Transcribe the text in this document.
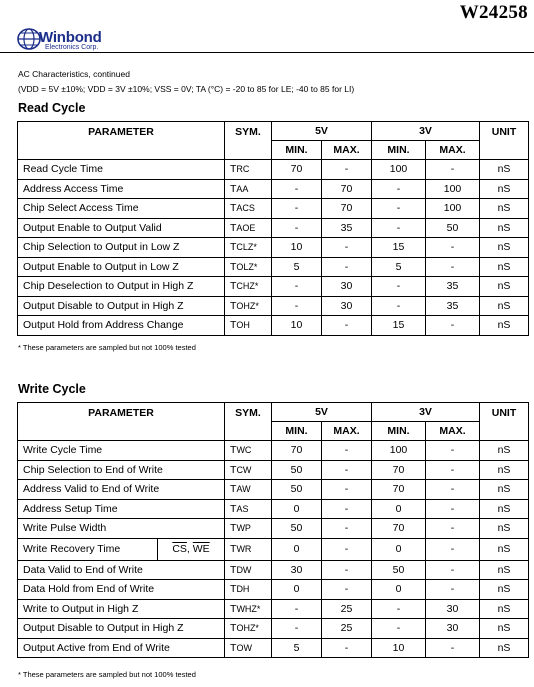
W24258
Winbond
Electronics Corp.
AC Characteristics, continued
(VDD = 5V ±10%; VDD = 3V ±10%; VSS = 0V; TA (°C) = -20 to 85 for LE; -40 to 85 for LI)
Read Cycle
PARAMETER	SYM.	5V		3V		UNIT
		MIN.	MAX.	MIN.	MAX.	
Read Cycle Time	TRC	70	-	100	-	nS
Address Access Time	TAA	-	70	-	100	nS
Chip Select Access Time	TACS	-	70	-	100	nS
Output Enable to Output Valid	TAOE	-	35	-	50	nS
Chip Selection to Output in Low Z	TCLZ*	10	-	15	-	nS
Output Enable to Output in Low Z	TOLZ*	5	-	5	-	nS
Chip Deselection to Output in High Z	TCHZ*	-	30	-	35	nS
Output Disable to Output in High Z	TOHZ*	-	30	-	35	nS
Output Hold from Address Change	TOH	10	-	15	-	nS
* These parameters are sampled but not 100% tested
Write Cycle
PARAMETER		SYM.	5V		3V		UNIT
			MIN.	MAX.	MIN.	MAX.	
Write Cycle Time		TWC	70	-	100	-	nS
Chip Selection to End of Write		TCW	50	-	70	-	nS
Address Valid to End of Write		TAW	50	-	70	-	nS
Address Setup Time		TAS	0	-	0	-	nS
Write Pulse Width		TWP	50	-	70	-	nS
Write Recovery Time	$\overline{CS}$, $\overline{WE}$	TWR	0	-	0	-	nS
Data Valid to End of Write		TDW	30	-	50	-	nS
Data Hold from End of Write		TDH	0	-	0	-	nS
Write to Output in High Z		TWHZ*	-	25	-	30	nS
Output Disable to Output in High Z		TOHZ*	-	25	-	30	nS
Output Active from End of Write		TOW	5	-	10	-	nS
* These parameters are sampled but not 100% tested
